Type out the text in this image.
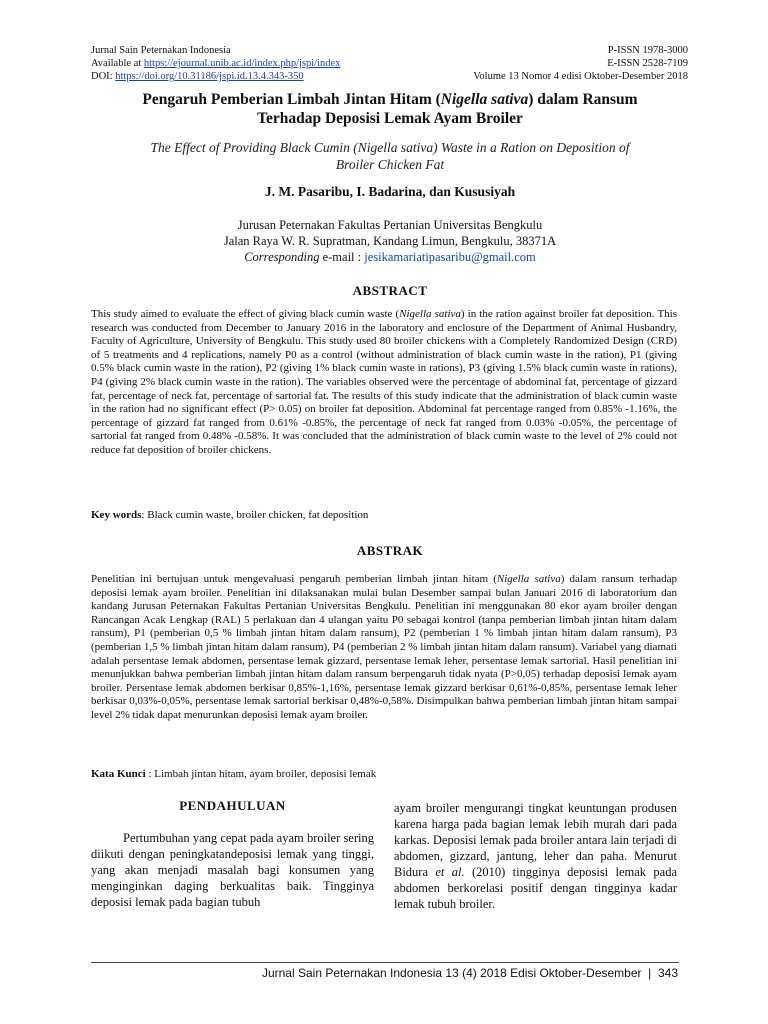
Jurnal Sain Peternakan Indonesia
Available at https://ejournal.unib.ac.id/index.php/jspi/index
DOI: https://doi.org/10.31186/jspi.id.13.4.343-350
P-ISSN 1978-3000
E-ISSN 2528-7109
Volume 13 Nomor 4 edisi Oktober-Desember 2018
Pengaruh Pemberian Limbah Jintan Hitam (Nigella sativa) dalam Ransum
Terhadap Deposisi Lemak Ayam Broiler
The Effect of Providing Black Cumin (Nigella sativa) Waste in a Ration on Deposition of
Broiler Chicken Fat
J. M. Pasaribu, I. Badarina, dan Kususiyah
Jurusan Peternakan Fakultas Pertanian Universitas Bengkulu
Jalan Raya W. R. Supratman, Kandang Limun, Bengkulu, 38371A
Corresponding e-mail : jesikamariatipasaribu@gmail.com
ABSTRACT
This study aimed to evaluate the effect of giving black cumin waste (Nigella sativa) in the ration against broiler fat deposition. This research was conducted from December to January 2016 in the laboratory and enclosure of the Department of Animal Husbandry, Faculty of Agriculture, University of Bengkulu. This study used 80 broiler chickens with a Completely Randomized Design (CRD) of 5 treatments and 4 replications, namely P0 as a control (without administration of black cumin waste in the ration), P1 (giving 0.5% black cumin waste in the ration), P2 (giving 1% black cumin waste in rations), P3 (giving 1.5% black cumin waste in rations), P4 (giving 2% black cumin waste in the ration). The variables observed were the percentage of abdominal fat, percentage of gizzard fat, percentage of neck fat, percentage of sartorial fat. The results of this study indicate that the administration of black cumin waste in the ration had no significant effect (P> 0.05) on broiler fat deposition. Abdominal fat percentage ranged from 0.85% -1.16%, the percentage of gizzard fat ranged from 0.61% -0.85%, the percentage of neck fat ranged from 0.03% -0.05%, the percentage of sartorial fat ranged from 0.48% -0.58%. It was concluded that the administration of black cumin waste to the level of 2% could not reduce fat deposition of broiler chickens.
Key words: Black cumin waste, broiler chicken, fat deposition
ABSTRAK
Penelitian ini bertujuan untuk mengevaluasi pengaruh pemberian limbah jintan hitam (Nigella sativa) dalam ransum terhadap deposisi lemak ayam broiler. Penelitian ini dilaksanakan mulai bulan Desember sampai bulan Januari 2016 di laboratorium dan kandang Jurusan Peternakan Fakultas Pertanian Universitas Bengkulu. Penelitian ini menggunakan 80 ekor ayam broiler dengan Rancangan Acak Lengkap (RAL) 5 perlakuan dan 4 ulangan yaitu P0 sebagai kontrol (tanpa pemberian limbah jintan hitam dalam ransum), P1 (pemberian 0,5 % limbah jintan hitam dalam ransum), P2 (pemberian 1 % limbah jintan hitam dalam ransum), P3 (pemberian 1,5 % limbah jintan hitam dalam ransum), P4 (pemberian 2 % limbah jintan hitam dalam ransum). Variabel yang diamati adalah persentase lemak abdomen, persentase lemak gizzard, persentase lemak leher, persentase lemak sartorial. Hasil penelitian ini menunjukkan bahwa pemberian limbah jintan hitam dalam ransum berpengaruh tidak nyata (P>0,05) terhadap deposisi lemak ayam broiler. Persentase lemak abdomen berkisar 0,85%-1,16%, persentase lemak gizzard berkisar 0,61%-0,85%, persentase lemak leher berkisar 0,03%-0,05%, persentase lemak sartorial berkisar 0,48%-0,58%. Disimpulkan bahwa pemberian limbah jintan hitam sampai level 2% tidak dapat menurunkan deposisi lemak ayam broiler.
Kata Kunci : Limbah jintan hitam, ayam broiler, deposisi lemak
PENDAHULUAN
Pertumbuhan yang cepat pada ayam broiler sering diikuti dengan peningkatandeposisi lemak yang tinggi, yang akan menjadi masalah bagi konsumen yang menginginkan daging berkualitas baik. Tingginya deposisi lemak pada bagian tubuh
ayam broiler mengurangi tingkat keuntungan produsen karena harga pada bagian lemak lebih murah dari pada karkas. Deposisi lemak pada broiler antara lain terjadi di abdomen, gizzard, jantung, leher dan paha. Menurut Bidura et al. (2010) tingginya deposisi lemak pada abdomen berkorelasi positif dengan tingginya kadar lemak tubuh broiler.
Jurnal Sain Peternakan Indonesia 13 (4) 2018 Edisi Oktober-Desember | 343
